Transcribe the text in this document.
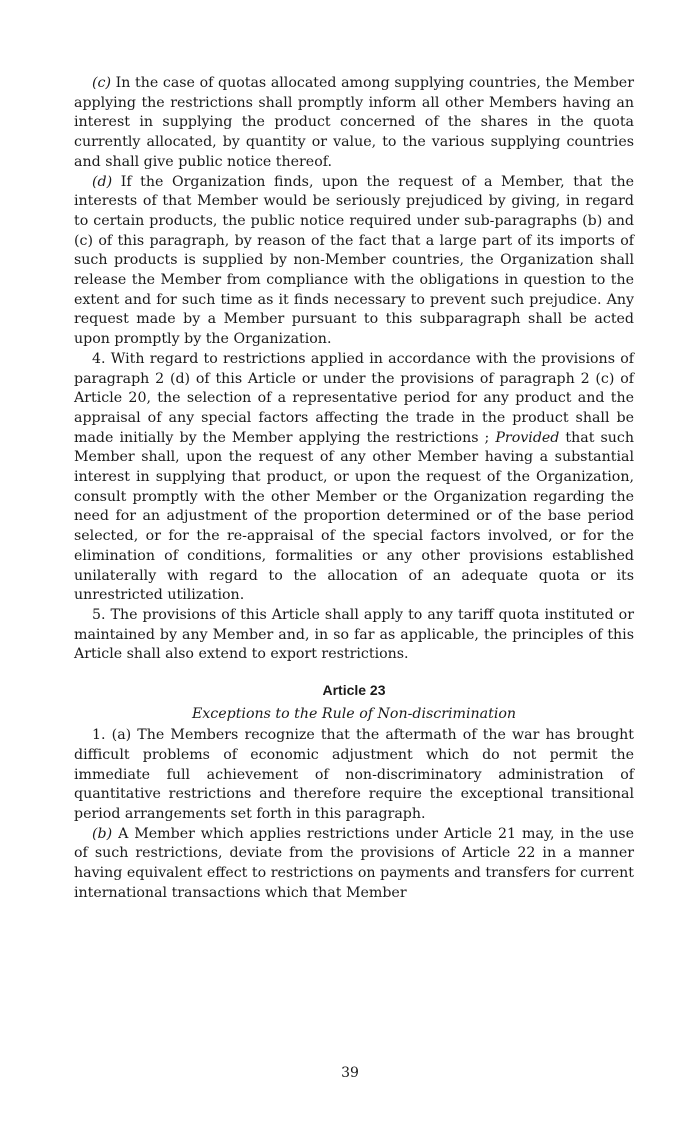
(c) In the case of quotas allocated among supplying countries, the Member applying the restrictions shall promptly inform all other Members having an interest in supplying the product concerned of the shares in the quota currently allocated, by quantity or value, to the various supplying countries and shall give public notice thereof.

(d) If the Organization finds, upon the request of a Member, that the interests of that Member would be seriously prejudiced by giving, in regard to certain products, the public notice required under sub-paragraphs (b) and (c) of this paragraph, by reason of the fact that a large part of its imports of such products is supplied by non-Member countries, the Organization shall release the Member from compliance with the obligations in question to the extent and for such time as it finds necessary to prevent such prejudice. Any request made by a Member pursuant to this subparagraph shall be acted upon promptly by the Organization.

4. With regard to restrictions applied in accordance with the provisions of paragraph 2 (d) of this Article or under the provisions of paragraph 2 (c) of Article 20, the selection of a representative period for any product and the appraisal of any special factors affecting the trade in the product shall be made initially by the Member applying the restrictions ; Provided that such Member shall, upon the request of any other Member having a substantial interest in supplying that product, or upon the request of the Organization, consult promptly with the other Member or the Organization regarding the need for an adjustment of the proportion determined or of the base period selected, or for the re-appraisal of the special factors involved, or for the elimination of conditions, formalities or any other provisions established unilaterally with regard to the allocation of an adequate quota or its unrestricted utilization.

5. The provisions of this Article shall apply to any tariff quota instituted or maintained by any Member and, in so far as applicable, the principles of this Article shall also extend to export restrictions.

Article 23
Exceptions to the Rule of Non-discrimination

1. (a) The Members recognize that the aftermath of the war has brought difficult problems of economic adjustment which do not permit the immediate full achievement of non-discriminatory administration of quantitative restrictions and therefore require the exceptional transitional period arrangements set forth in this paragraph.

(b) A Member which applies restrictions under Article 21 may, in the use of such restrictions, deviate from the provisions of Article 22 in a manner having equivalent effect to restrictions on payments and transfers for current international transactions which that Member

39
